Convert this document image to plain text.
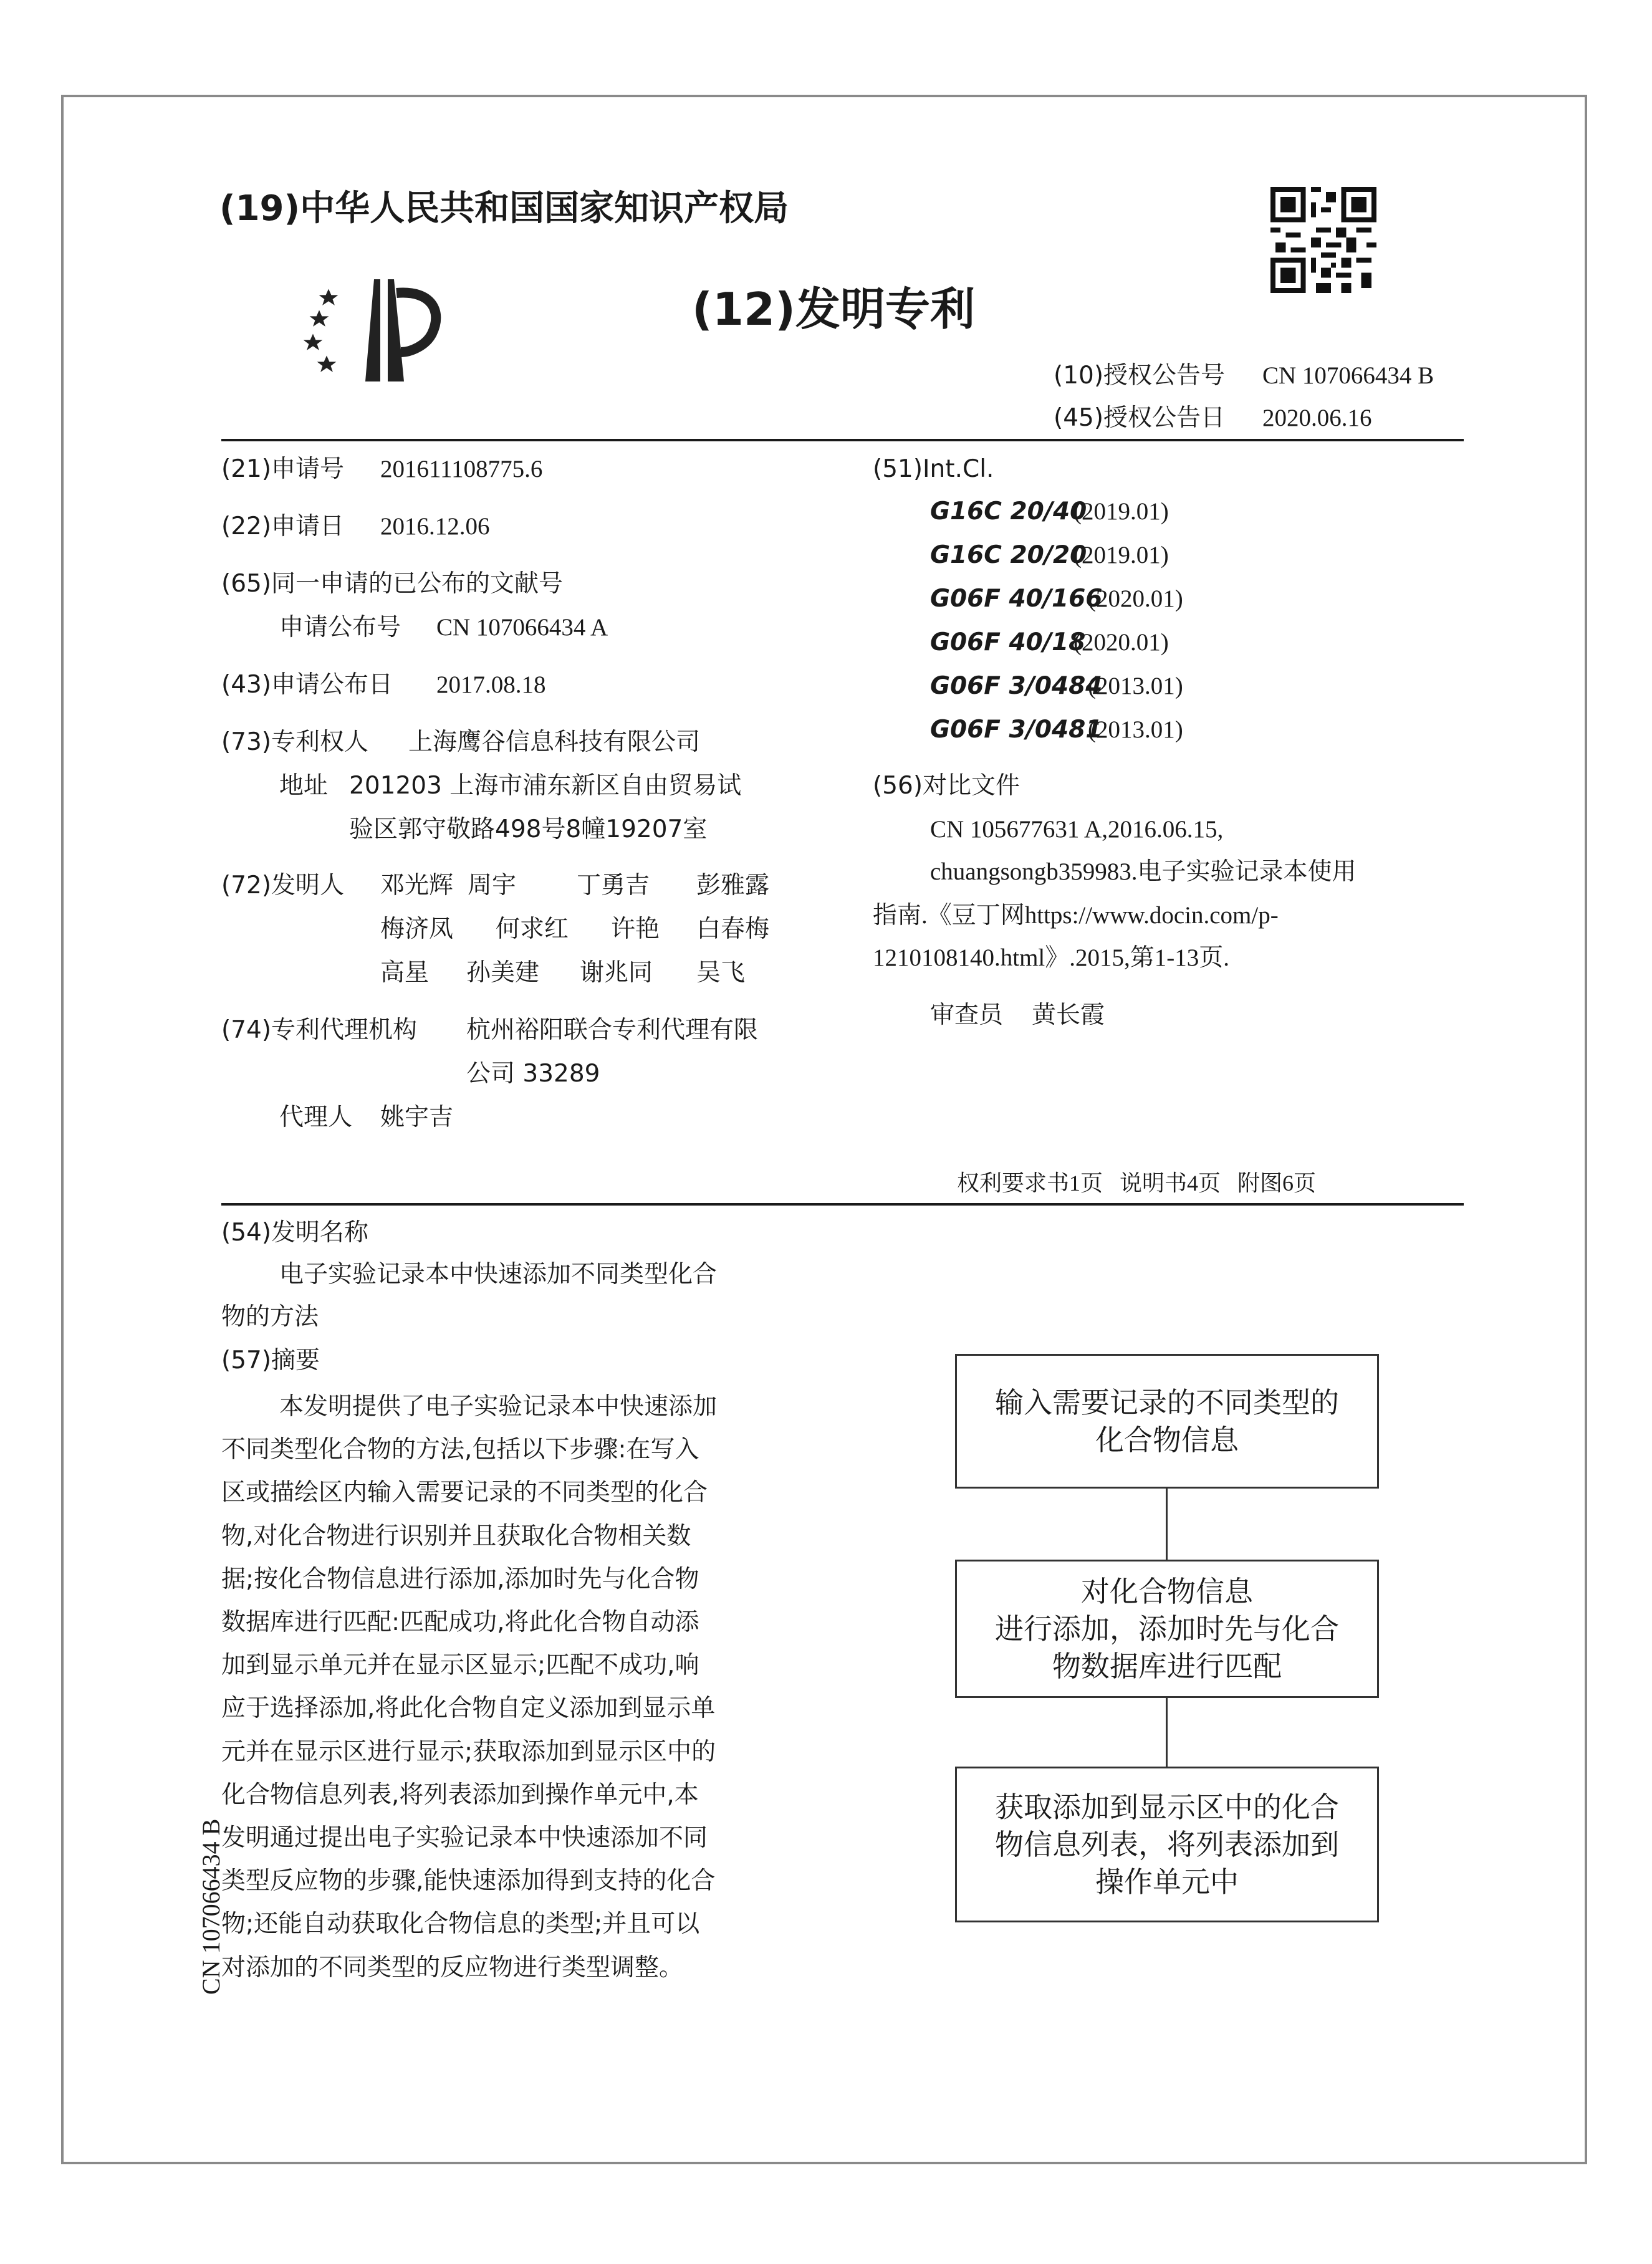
(19)中华人民共和国国家知识产权局
(12)发明专利
(10)授权公告号 CN 107066434 B
(45)授权公告日 2020.06.16
(21)申请号 201611108775.6
(22)申请日 2016.12.06
(65)同一申请的已公布的文献号
申请公布号 CN 107066434 A
(43)申请公布日 2017.08.18
(73)专利权人 上海鹰谷信息科技有限公司
地址 201203 上海市浦东新区自由贸易试
验区郭守敬路498号8幢19207室
(72)发明人 邓光辉 周宇 丁勇吉 彭雅露
梅济凤 何求红 许艳 白春梅
高星 孙美建 谢兆同 吴飞
(74)专利代理机构 杭州裕阳联合专利代理有限
公司 33289
代理人 姚宇吉
(51)Int.Cl.
G16C 20/40
(2019.01)
G16C 20/20
(2019.01)
G06F 40/166
(2020.01)
G06F 40/18
(2020.01)
G06F 3/0484
(2013.01)
G06F 3/0481
(2013.01)
(56)对比文件
CN 105677631 A,2016.06.15,
chuangsongb359983.电子实验记录本使用
指南.《豆丁网https://www.docin.com/p-
1210108140.html》.2015,第1-13页.
审查员 黄长霞
权利要求书1页   说明书4页   附图6页
(54)发明名称
电子实验记录本中快速添加不同类型化合
物的方法
(57)摘要
本发明提供了电子实验记录本中快速添加
不同类型化合物的方法,包括以下步骤:在写入
区或描绘区内输入需要记录的不同类型的化合
物,对化合物进行识别并且获取化合物相关数
据;按化合物信息进行添加,添加时先与化合物
数据库进行匹配:匹配成功,将此化合物自动添
加到显示单元并在显示区显示;匹配不成功,响
应于选择添加,将此化合物自定义添加到显示单
元并在显示区进行显示;获取添加到显示区中的
化合物信息列表,将列表添加到操作单元中,本
发明通过提出电子实验记录本中快速添加不同
类型反应物的步骤,能快速添加得到支持的化合
物;还能自动获取化合物信息的类型;并且可以
对添加的不同类型的反应物进行类型调整。
输入需要记录的不同类型的
化合物信息
对化合物信息
进行添加，添加时先与化合
物数据库进行匹配
获取添加到显示区中的化合
物信息列表，将列表添加到
操作单元中
CN 107066434 B
